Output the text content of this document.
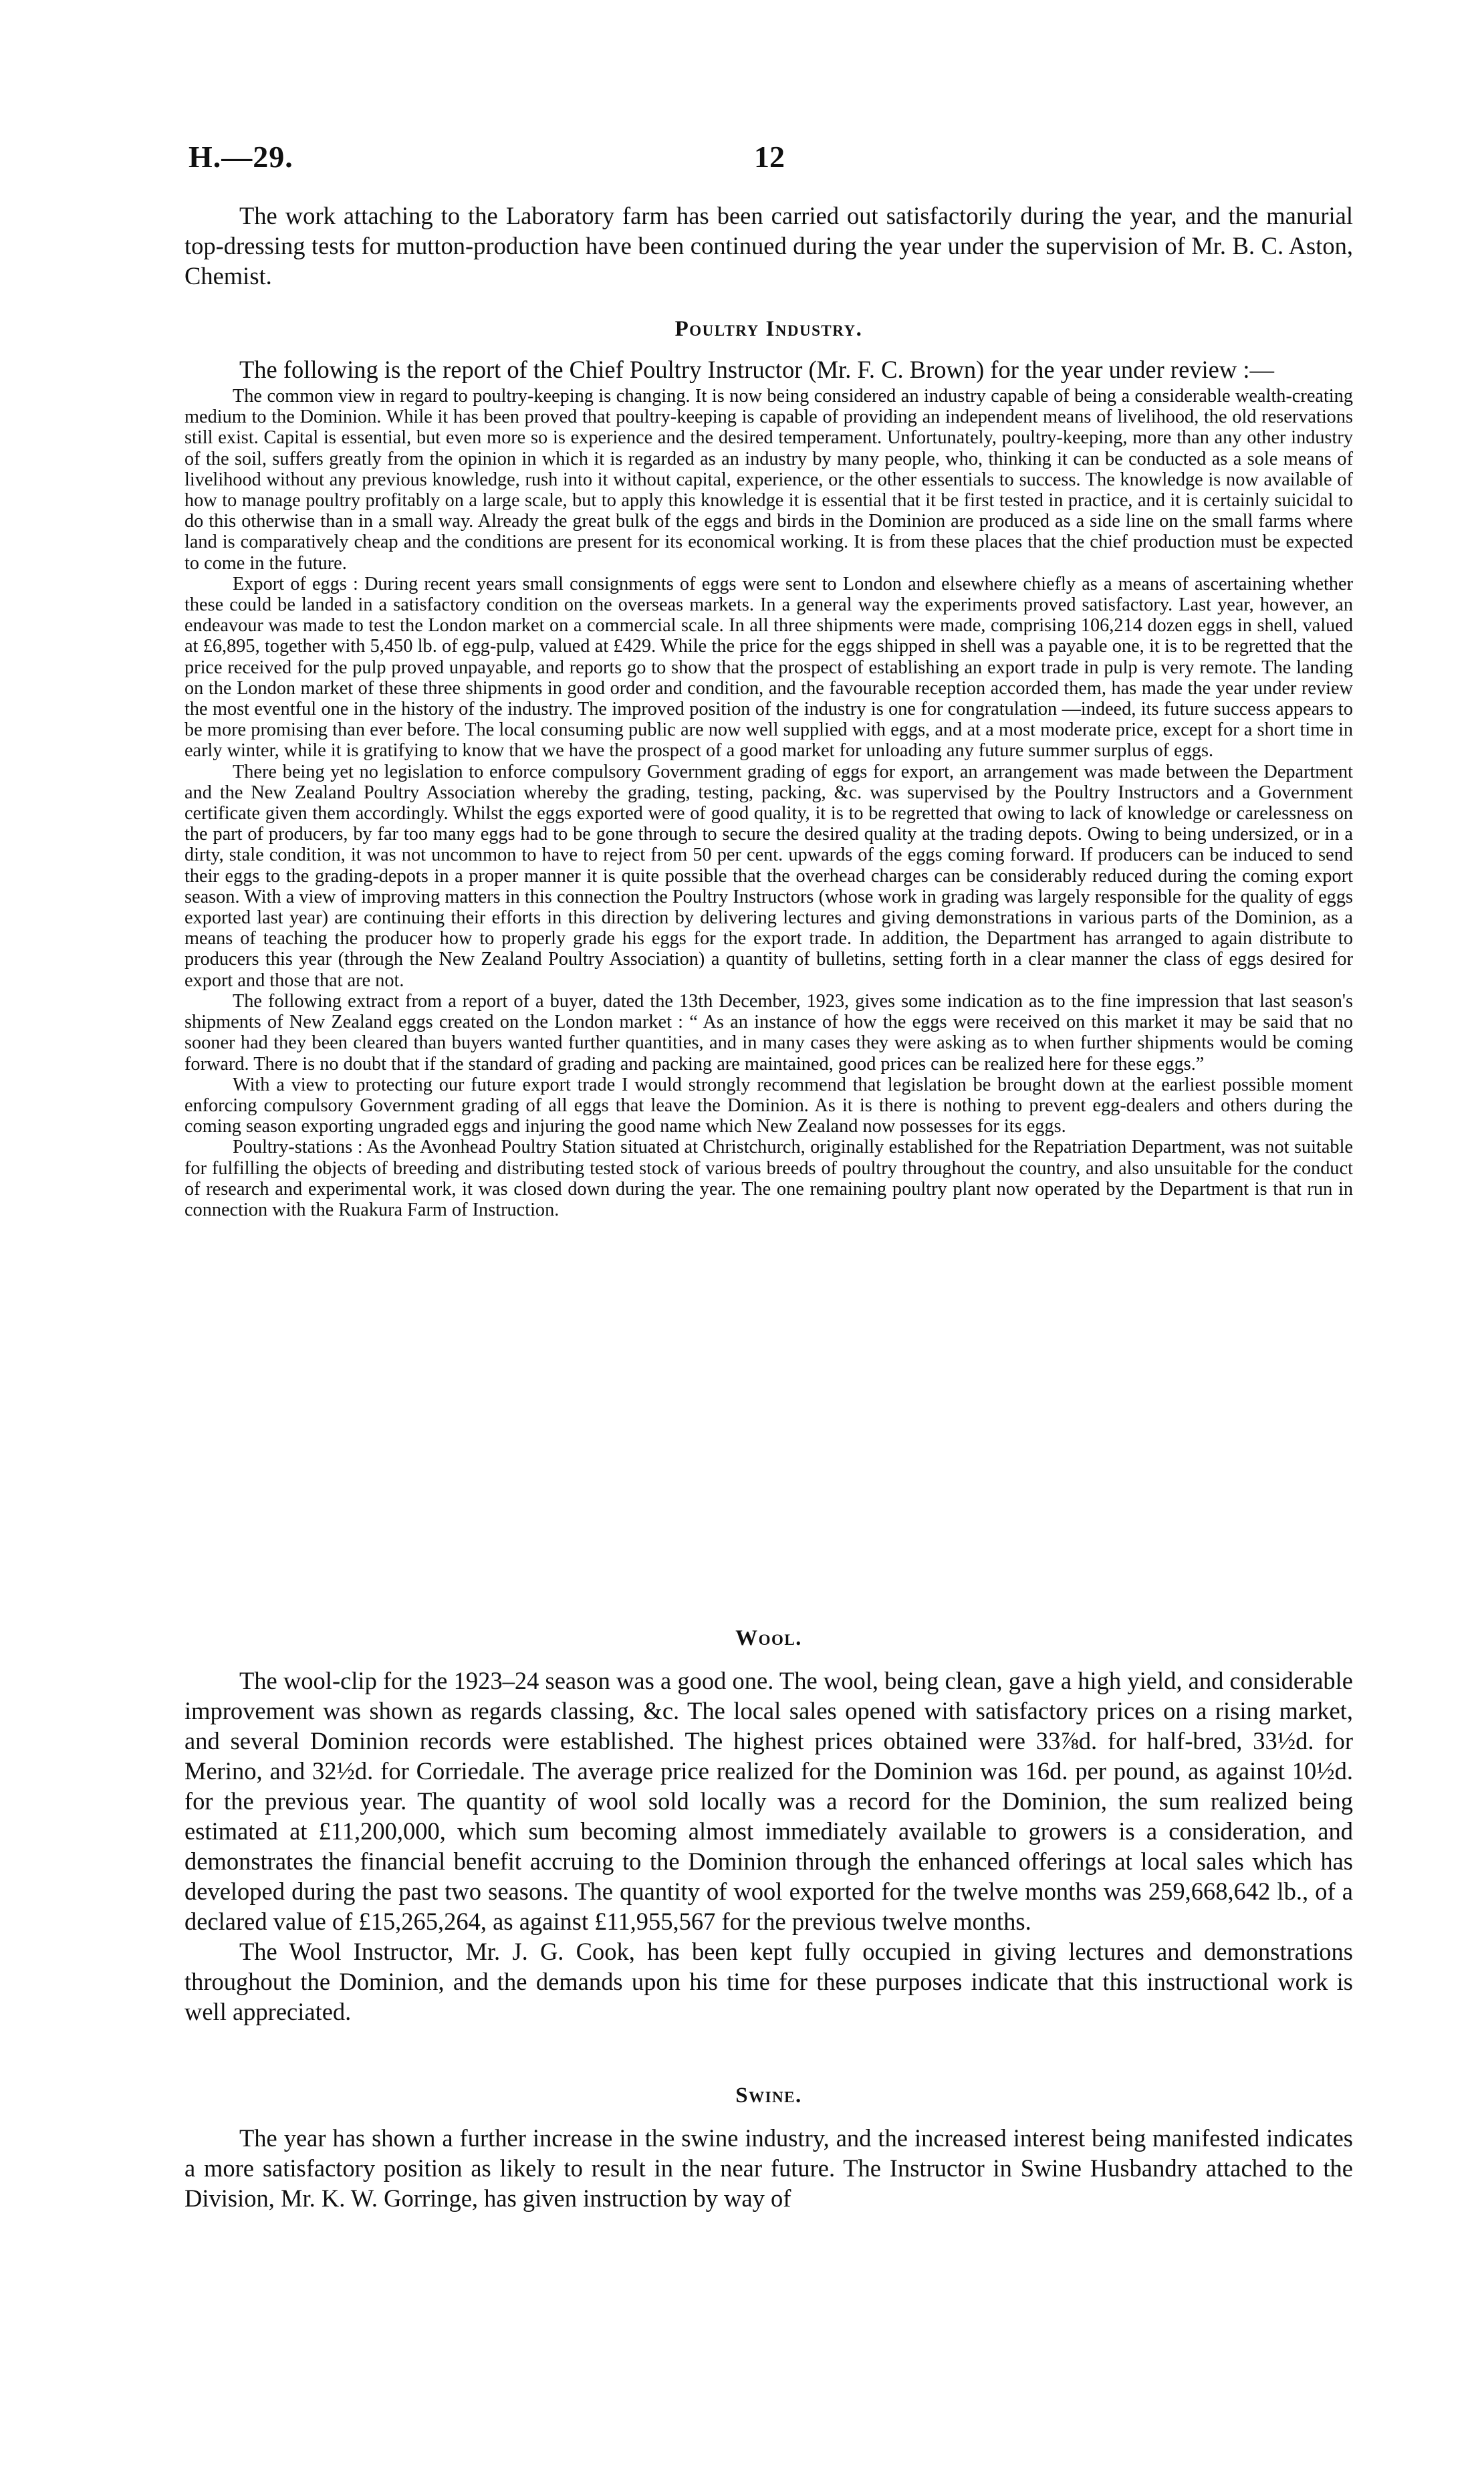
H.—29.	12

The work attaching to the Laboratory farm has been carried out satisfactorily during the year, and the manurial top-dressing tests for mutton-production have been continued during the year under the supervision of Mr. B. C. Aston, Chemist.

Poultry Industry.

The following is the report of the Chief Poultry Instructor (Mr. F. C. Brown) for the year under review :—

The common view in regard to poultry-keeping is changing. It is now being considered an industry capable of being a considerable wealth-creating medium to the Dominion. While it has been proved that poultry-keeping is capable of providing an independent means of livelihood, the old reservations still exist. Capital is essential, but even more so is experience and the desired temperament. Unfortunately, poultry-keeping, more than any other industry of the soil, suffers greatly from the opinion in which it is regarded as an industry by many people, who, thinking it can be conducted as a sole means of livelihood without any previous knowledge, rush into it without capital, experience, or the other essentials to success. The knowledge is now available of how to manage poultry profitably on a large scale, but to apply this knowledge it is essential that it be first tested in practice, and it is certainly suicidal to do this otherwise than in a small way. Already the great bulk of the eggs and birds in the Dominion are produced as a side line on the small farms where land is comparatively cheap and the conditions are present for its economical working. It is from these places that the chief production must be expected to come in the future.

Export of eggs : During recent years small consignments of eggs were sent to London and elsewhere chiefly as a means of ascertaining whether these could be landed in a satisfactory condition on the overseas markets. In a general way the experiments proved satisfactory. Last year, however, an endeavour was made to test the London market on a commercial scale. In all three shipments were made, comprising 106,214 dozen eggs in shell, valued at £6,895, together with 5,450 lb. of egg-pulp, valued at £429. While the price for the eggs shipped in shell was a payable one, it is to be regretted that the price received for the pulp proved unpayable, and reports go to show that the prospect of establishing an export trade in pulp is very remote. The landing on the London market of these three shipments in good order and condition, and the favourable reception accorded them, has made the year under review the most eventful one in the history of the industry. The improved position of the industry is one for congratulation —indeed, its future success appears to be more promising than ever before. The local consuming public are now well supplied with eggs, and at a most moderate price, except for a short time in early winter, while it is gratifying to know that we have the prospect of a good market for unloading any future summer surplus of eggs.

There being yet no legislation to enforce compulsory Government grading of eggs for export, an arrangement was made between the Department and the New Zealand Poultry Association whereby the grading, testing, packing, &c. was supervised by the Poultry Instructors and a Government certificate given them accordingly. Whilst the eggs exported were of good quality, it is to be regretted that owing to lack of knowledge or carelessness on the part of producers, by far too many eggs had to be gone through to secure the desired quality at the trading depots. Owing to being undersized, or in a dirty, stale condition, it was not uncommon to have to reject from 50 per cent. upwards of the eggs coming forward. If producers can be induced to send their eggs to the grading-depots in a proper manner it is quite possible that the overhead charges can be considerably reduced during the coming export season. With a view of improving matters in this connection the Poultry Instructors (whose work in grading was largely responsible for the quality of eggs exported last year) are continuing their efforts in this direction by delivering lectures and giving demonstrations in various parts of the Dominion, as a means of teaching the producer how to properly grade his eggs for the export trade. In addition, the Department has arranged to again distribute to producers this year (through the New Zealand Poultry Association) a quantity of bulletins, setting forth in a clear manner the class of eggs desired for export and those that are not.

The following extract from a report of a buyer, dated the 13th December, 1923, gives some indication as to the fine impression that last season's shipments of New Zealand eggs created on the London market : “ As an instance of how the eggs were received on this market it may be said that no sooner had they been cleared than buyers wanted further quantities, and in many cases they were asking as to when further shipments would be coming forward. There is no doubt that if the standard of grading and packing are maintained, good prices can be realized here for these eggs.”

With a view to protecting our future export trade I would strongly recommend that legislation be brought down at the earliest possible moment enforcing compulsory Government grading of all eggs that leave the Dominion. As it is there is nothing to prevent egg-dealers and others during the coming season exporting ungraded eggs and injuring the good name which New Zealand now possesses for its eggs.

Poultry-stations : As the Avonhead Poultry Station situated at Christchurch, originally established for the Repatriation Department, was not suitable for fulfilling the objects of breeding and distributing tested stock of various breeds of poultry throughout the country, and also unsuitable for the conduct of research and experimental work, it was closed down during the year. The one remaining poultry plant now operated by the Department is that run in connection with the Ruakura Farm of Instruction.

Wool.

The wool-clip for the 1923–24 season was a good one. The wool, being clean, gave a high yield, and considerable improvement was shown as regards classing, &c. The local sales opened with satisfactory prices on a rising market, and several Dominion records were established. The highest prices obtained were 33⅞d. for half-bred, 33½d. for Merino, and 32½d. for Corriedale. The average price realized for the Dominion was 16d. per pound, as against 10½d. for the previous year. The quantity of wool sold locally was a record for the Dominion, the sum realized being estimated at £11,200,000, which sum becoming almost immediately available to growers is a consideration, and demonstrates the financial benefit accruing to the Dominion through the enhanced offerings at local sales which has developed during the past two seasons. The quantity of wool exported for the twelve months was 259,668,642 lb., of a declared value of £15,265,264, as against £11,955,567 for the previous twelve months.

The Wool Instructor, Mr. J. G. Cook, has been kept fully occupied in giving lectures and demonstrations throughout the Dominion, and the demands upon his time for these purposes indicate that this instructional work is well appreciated.

Swine.

The year has shown a further increase in the swine industry, and the increased interest being manifested indicates a more satisfactory position as likely to result in the near future. The Instructor in Swine Husbandry attached to the Division, Mr. K. W. Gorringe, has given instruction by way of
